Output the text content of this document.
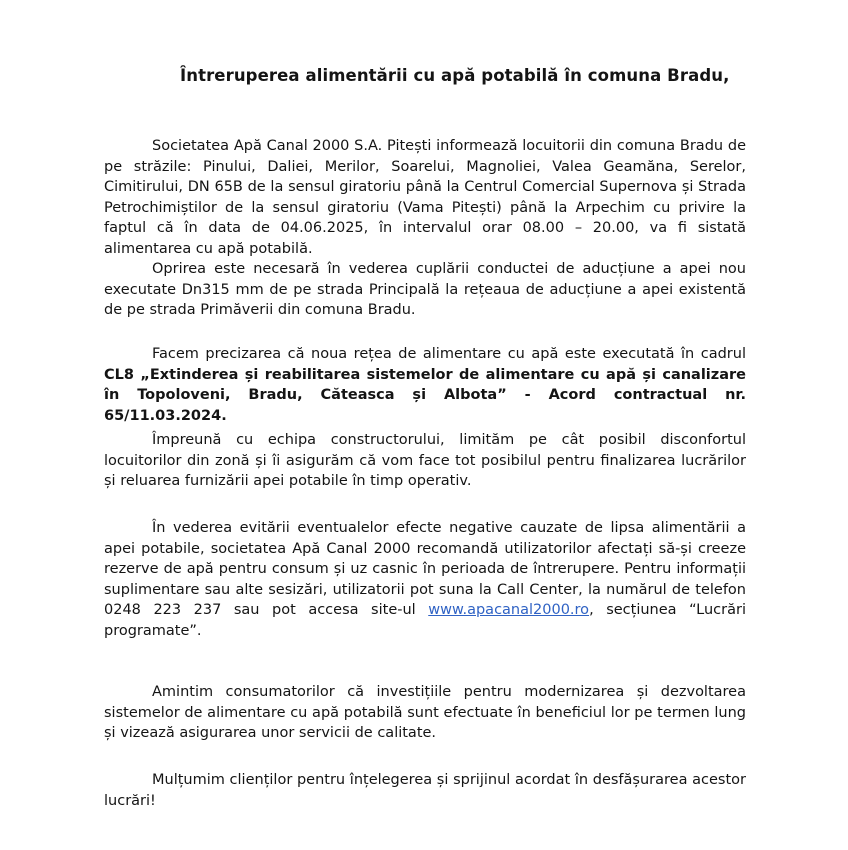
Întreruperea alimentării cu apă potabilă în comuna Bradu,

Societatea Apă Canal 2000 S.A. Pitești informează locuitorii din comuna Bradu de pe străzile: Pinului, Daliei, Merilor, Soarelui, Magnoliei, Valea Geamăna, Serelor, Cimitirului, DN 65B de la sensul giratoriu până la Centrul Comercial Supernova și Strada Petrochimiștilor de la sensul giratoriu (Vama Pitești) până la Arpechim cu privire la faptul că în data de 04.06.2025, în intervalul orar 08.00 – 20.00, va fi sistată alimentarea cu apă potabilă.

Oprirea este necesară în vederea cuplării conductei de aducțiune a apei nou executate Dn315 mm de pe strada Principală la rețeaua de aducțiune a apei existentă de pe strada Primăverii din comuna Bradu.

Facem precizarea că noua rețea de alimentare cu apă este executată în cadrul CL8 „Extinderea și reabilitarea sistemelor de alimentare cu apă și canalizare în Topoloveni, Bradu, Căteasca și Albota” - Acord contractual nr. 65/11.03.2024.

Împreună cu echipa constructorului, limităm pe cât posibil disconfortul locuitorilor din zonă și îi asigurăm că vom face tot posibilul pentru finalizarea lucrărilor și reluarea furnizării apei potabile în timp operativ.

În vederea evitării eventualelor efecte negative cauzate de lipsa alimentării a apei potabile, societatea Apă Canal 2000 recomandă utilizatorilor afectați să-și creeze rezerve de apă pentru consum și uz casnic în perioada de întrerupere. Pentru informații suplimentare sau alte sesizări, utilizatorii pot suna la Call Center, la numărul de telefon 0248 223 237 sau pot accesa site-ul www.apacanal2000.ro, secțiunea “Lucrări programate”.

Amintim consumatorilor că investițiile pentru modernizarea și dezvoltarea sistemelor de alimentare cu apă potabilă sunt efectuate în beneficiul lor pe termen lung și vizează asigurarea unor servicii de calitate.

Mulțumim clienților pentru înțelegerea și sprijinul acordat în desfășurarea acestor lucrări!
